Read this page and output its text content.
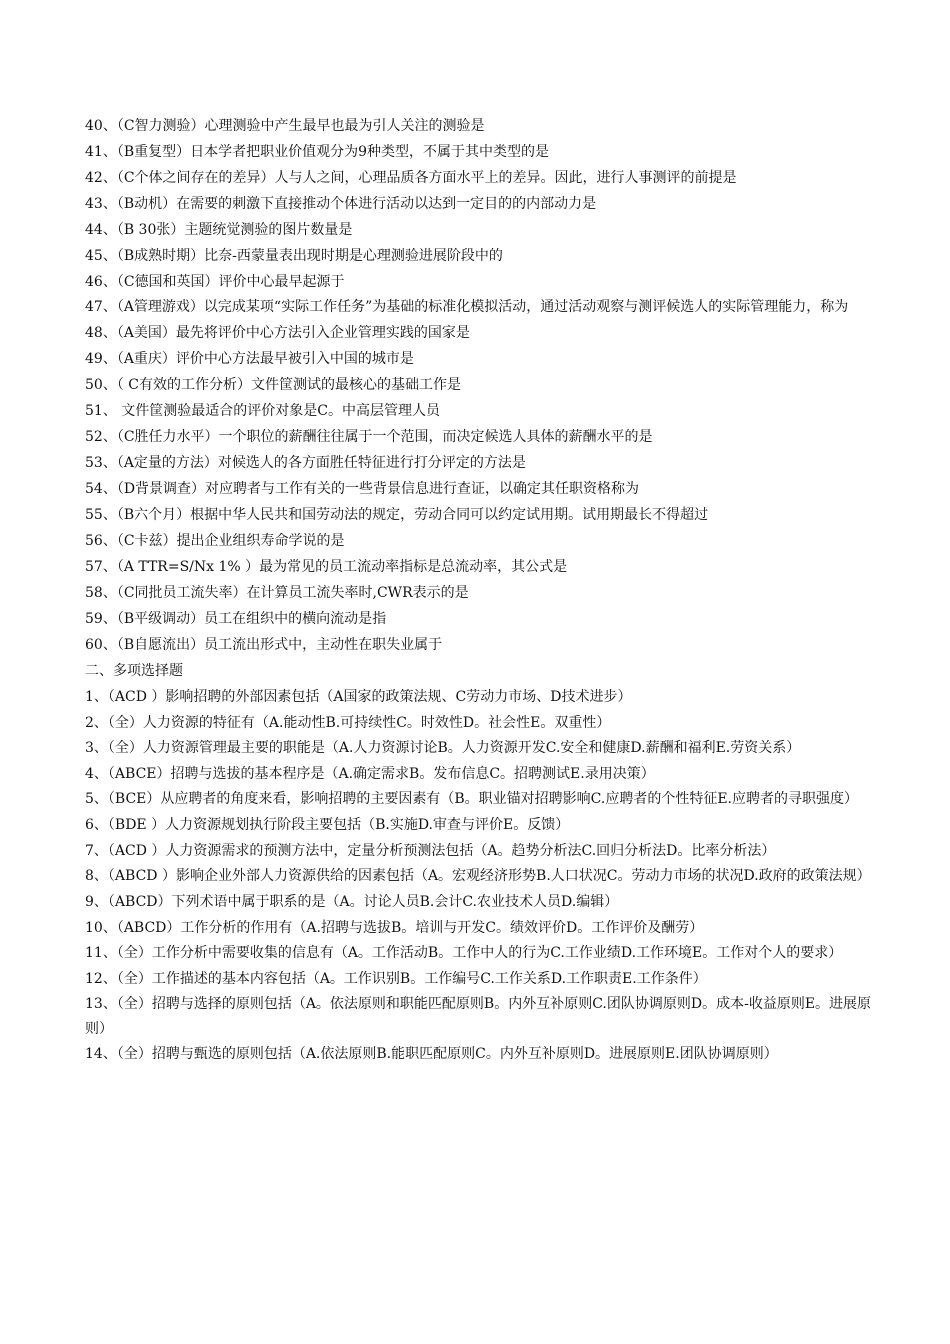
40、（C智力测验）心理测验中产生最早也最为引人关注的测验是
41、（B重复型）日本学者把职业价值观分为9种类型，不属于其中类型的是
42、（C个体之间存在的差异）人与人之间，心理品质各方面水平上的差异。因此，进行人事测评的前提是
43、（B动机）在需要的刺激下直接推动个体进行活动以达到一定目的的内部动力是
44、（B 30张）主题统觉测验的图片数量是
45、（B成熟时期）比奈-西蒙量表出现时期是心理测验进展阶段中的
46、（C德国和英国）评价中心最早起源于
47、（A管理游戏）以完成某项“实际工作任务”为基础的标准化模拟活动，通过活动观察与测评候选人的实际管理能力，称为
48、（A美国）最先将评价中心方法引入企业管理实践的国家是
49、（A重庆）评价中心方法最早被引入中国的城市是
50、（ C有效的工作分析）文件筐测试的最核心的基础工作是
51、 文件筐测验最适合的评价对象是C。中高层管理人员
52、（C胜任力水平）一个职位的薪酬往往属于一个范围，而决定候选人具体的薪酬水平的是
53、（A定量的方法）对候选人的各方面胜任特征进行打分评定的方法是
54、（D背景调查）对应聘者与工作有关的一些背景信息进行查证，以确定其任职资格称为
55、（B六个月）根据中华人民共和国劳动法的规定，劳动合同可以约定试用期。试用期最长不得超过
56、（C卡兹）提出企业组织寿命学说的是
57、（A TTR=S/Nx 1% ）最为常见的员工流动率指标是总流动率，其公式是
58、（C同批员工流失率）在计算员工流失率时,CWR表示的是
59、（B平级调动）员工在组织中的横向流动是指
60、（B自愿流出）员工流出形式中，主动性在职失业属于
二、多项选择题
1、（ACD ）影响招聘的外部因素包括（A国家的政策法规、C劳动力市场、D技术进步）
2、（全）人力资源的特征有（A.能动性B.可持续性C。时效性D。社会性E。双重性）
3、（全）人力资源管理最主要的职能是（A.人力资源讨论B。人力资源开发C.安全和健康D.薪酬和福利E.劳资关系）
4、（ABCE）招聘与选拔的基本程序是（A.确定需求B。发布信息C。招聘测试E.录用决策）
5、（BCE）从应聘者的角度来看，影响招聘的主要因素有（B。职业锚对招聘影响C.应聘者的个性特征E.应聘者的寻职强度）
6、（BDE ）人力资源规划执行阶段主要包括（B.实施D.审查与评价E。反馈）
7、（ACD ）人力资源需求的预测方法中，定量分析预测法包括（A。趋势分析法C.回归分析法D。比率分析法）
8、（ABCD ）影响企业外部人力资源供给的因素包括（A。宏观经济形势B.人口状况C。劳动力市场的状况D.政府的政策法规）
9、（ABCD）下列术语中属于职系的是（A。讨论人员B.会计C.农业技术人员D.编辑）
10、（ABCD）工作分析的作用有（A.招聘与选拔B。培训与开发C。绩效评价D。工作评价及酬劳）
11、（全）工作分析中需要收集的信息有（A。工作活动B。工作中人的行为C.工作业绩D.工作环境E。工作对个人的要求）
12、（全）工作描述的基本内容包括（A。工作识别B。工作编号C.工作关系D.工作职责E.工作条件）
13、（全）招聘与选择的原则包括（A。依法原则和职能匹配原则B。内外互补原则C.团队协调原则D。成本-收益原则E。进展原则）
14、（全）招聘与甄选的原则包括（A.依法原则B.能职匹配原则C。内外互补原则D。进展原则E.团队协调原则）
